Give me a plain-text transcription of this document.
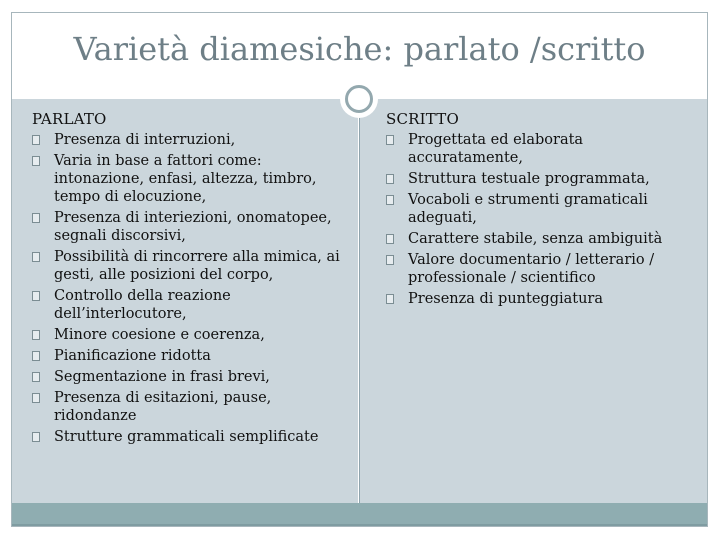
Varietà diamesiche: parlato /scritto
PARLATO
Presenza di interruzioni,
Varia in base a fattori come: intonazione, enfasi, altezza, timbro, tempo di elocuzione,
Presenza di interiezioni, onomatopee, segnali discorsivi,
Possibilità di rincorrere alla mimica, ai gesti, alle posizioni del corpo,
Controllo della reazione dell’interlocutore,
Minore coesione e coerenza,
Pianificazione ridotta
Segmentazione in frasi brevi,
Presenza di esitazioni, pause, ridondanze
Strutture grammaticali semplificate
SCRITTO
Progettata ed elaborata accuratamente,
Struttura testuale programmata,
Vocaboli e strumenti gramaticali adeguati,
Carattere stabile, senza ambiguità
Valore documentario / letterario / professionale / scientifico
Presenza di punteggiatura
